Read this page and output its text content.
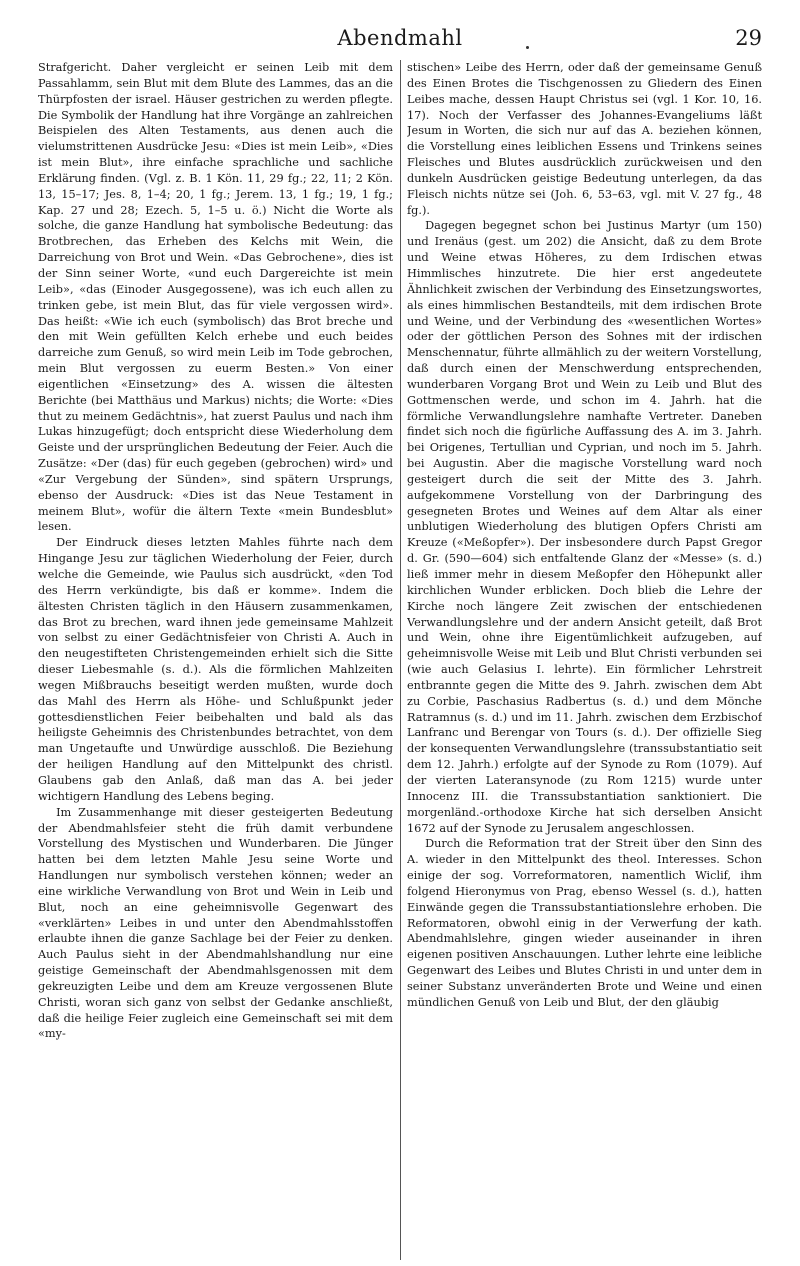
Abendmahl	29

Strafgericht. Daher vergleicht er seinen Leib mit dem Passahlamm, sein Blut mit dem Blute des Lammes, das an die Thürpfosten der israel. Häuser gestrichen zu werden pflegte. Die Symbolik der Handlung hat ihre Vorgänge an zahlreichen Beispielen des Alten Testaments, aus denen auch die vielumstrittenen Ausdrücke Jesu: «Dies ist mein Leib», «Dies ist mein Blut», ihre einfache sprachliche und sachliche Erklärung finden. (Vgl. z. B. 1 Kön. 11, 29 fg.; 22, 11; 2 Kön. 13, 15–17; Jes. 8, 1–4; 20, 1 fg.; Jerem. 13, 1 fg.; 19, 1 fg.; Kap. 27 und 28; Ezech. 5, 1–5 u. ö.) Nicht die Worte als solche, die ganze Handlung hat symbolische Bedeutung: das Brotbrechen, das Erheben des Kelchs mit Wein, die Darreichung von Brot und Wein. «Das Gebrochene», dies ist der Sinn seiner Worte, «und euch Dargereichte ist mein Leib», «das (Einoder Ausgegossene), was ich euch allen zu trinken gebe, ist mein Blut, das für viele vergossen wird». Das heißt: «Wie ich euch (symbolisch) das Brot breche und den mit Wein gefüllten Kelch erhebe und euch beides darreiche zum Genuß, so wird mein Leib im Tode gebrochen, mein Blut vergossen zu euerm Besten.» Von einer eigentlichen «Einsetzung» des A. wissen die ältesten Berichte (bei Matthäus und Markus) nichts; die Worte: «Dies thut zu meinem Gedächtnis», hat zuerst Paulus und nach ihm Lukas hinzugefügt; doch entspricht diese Wiederholung dem Geiste und der ursprünglichen Bedeutung der Feier. Auch die Zusätze: «Der (das) für euch gegeben (gebrochen) wird» und «Zur Vergebung der Sünden», sind spätern Ursprungs, ebenso der Ausdruck: «Dies ist das Neue Testament in meinem Blut», wofür die ältern Texte «mein Bundesblut» lesen.

Der Eindruck dieses letzten Mahles führte nach dem Hingange Jesu zur täglichen Wiederholung der Feier, durch welche die Gemeinde, wie Paulus sich ausdrückt, «den Tod des Herrn verkündigte, bis daß er komme». Indem die ältesten Christen täglich in den Häusern zusammenkamen, das Brot zu brechen, ward ihnen jede gemeinsame Mahlzeit von selbst zu einer Gedächtnisfeier von Christi A. Auch in den neugestifteten Christengemeinden erhielt sich die Sitte dieser Liebesmahle (s. d.). Als die förmlichen Mahlzeiten wegen Mißbrauchs beseitigt werden mußten, wurde doch das Mahl des Herrn als Höhe- und Schlußpunkt jeder gottesdienstlichen Feier beibehalten und bald als das heiligste Geheimnis des Christenbundes betrachtet, von dem man Ungetaufte und Unwürdige ausschloß. Die Beziehung der heiligen Handlung auf den Mittelpunkt des christl. Glaubens gab den Anlaß, daß man das A. bei jeder wichtigern Handlung des Lebens beging.

Im Zusammenhange mit dieser gesteigerten Bedeutung der Abendmahlsfeier steht die früh damit verbundene Vorstellung des Mystischen und Wunderbaren. Die Jünger hatten bei dem letzten Mahle Jesu seine Worte und Handlungen nur symbolisch verstehen können; weder an eine wirkliche Verwandlung von Brot und Wein in Leib und Blut, noch an eine geheimnisvolle Gegenwart des «verklärten» Leibes in und unter den Abendmahlsstoffen erlaubte ihnen die ganze Sachlage bei der Feier zu denken. Auch Paulus sieht in der Abendmahlshandlung nur eine geistige Gemeinschaft der Abendmahlsgenossen mit dem gekreuzigten Leibe und dem am Kreuze vergossenen Blute Christi, woran sich ganz von selbst der Gedanke anschließt, daß die heilige Feier zugleich eine Gemeinschaft sei mit dem «my-

stischen» Leibe des Herrn, oder daß der gemeinsame Genuß des Einen Brotes die Tischgenossen zu Gliedern des Einen Leibes mache, dessen Haupt Christus sei (vgl. 1 Kor. 10, 16. 17). Noch der Verfasser des Johannes-Evangeliums läßt Jesum in Worten, die sich nur auf das A. beziehen können, die Vorstellung eines leiblichen Essens und Trinkens seines Fleisches und Blutes ausdrücklich zurückweisen und den dunkeln Ausdrücken geistige Bedeutung unterlegen, da das Fleisch nichts nütze sei (Joh. 6, 53–63, vgl. mit V. 27 fg., 48 fg.).

Dagegen begegnet schon bei Justinus Martyr (um 150) und Irenäus (gest. um 202) die Ansicht, daß zu dem Brote und Weine etwas Höheres, zu dem Irdischen etwas Himmlisches hinzutrete. Die hier erst angedeutete Ähnlichkeit zwischen der Verbindung des Einsetzungswortes, als eines himmlischen Bestandteils, mit dem irdischen Brote und Weine, und der Verbindung des «wesentlichen Wortes» oder der göttlichen Person des Sohnes mit der irdischen Menschennatur, führte allmählich zu der weitern Vorstellung, daß durch einen der Menschwerdung entsprechenden, wunderbaren Vorgang Brot und Wein zu Leib und Blut des Gottmenschen werde, und schon im 4. Jahrh. hat die förmliche Verwandlungslehre namhafte Vertreter. Daneben findet sich noch die figürliche Auffassung des A. im 3. Jahrh. bei Origenes, Tertullian und Cyprian, und noch im 5. Jahrh. bei Augustin. Aber die magische Vorstellung ward noch gesteigert durch die seit der Mitte des 3. Jahrh. aufgekommene Vorstellung von der Darbringung des gesegneten Brotes und Weines auf dem Altar als einer unblutigen Wiederholung des blutigen Opfers Christi am Kreuze («Meßopfer»). Der insbesondere durch Papst Gregor d. Gr. (590—604) sich entfaltende Glanz der «Messe» (s. d.) ließ immer mehr in diesem Meßopfer den Höhepunkt aller kirchlichen Wunder erblicken. Doch blieb die Lehre der Kirche noch längere Zeit zwischen der entschiedenen Verwandlungslehre und der andern Ansicht geteilt, daß Brot und Wein, ohne ihre Eigentümlichkeit aufzugeben, auf geheimnisvolle Weise mit Leib und Blut Christi verbunden sei (wie auch Gelasius I. lehrte). Ein förmlicher Lehrstreit entbrannte gegen die Mitte des 9. Jahrh. zwischen dem Abt zu Corbie, Paschasius Radbertus (s. d.) und dem Mönche Ratramnus (s. d.) und im 11. Jahrh. zwischen dem Erzbischof Lanfranc und Berengar von Tours (s. d.). Der offizielle Sieg der konsequenten Verwandlungslehre (transsubstantiatio seit dem 12. Jahrh.) erfolgte auf der Synode zu Rom (1079). Auf der vierten Lateransynode (zu Rom 1215) wurde unter Innocenz III. die Transsubstantiation sanktioniert. Die morgenländ.-orthodoxe Kirche hat sich derselben Ansicht 1672 auf der Synode zu Jerusalem angeschlossen.

Durch die Reformation trat der Streit über den Sinn des A. wieder in den Mittelpunkt des theol. Interesses. Schon einige der sog. Vorreformatoren, namentlich Wiclif, ihm folgend Hieronymus von Prag, ebenso Wessel (s. d.), hatten Einwände gegen die Transsubstantiationslehre erhoben. Die Reformatoren, obwohl einig in der Verwerfung der kath. Abendmahlslehre, gingen wieder auseinander in ihren eigenen positiven Anschauungen. Luther lehrte eine leibliche Gegenwart des Leibes und Blutes Christi in und unter dem in seiner Substanz unveränderten Brote und Weine und einen mündlichen Genuß von Leib und Blut, der den gläubig
